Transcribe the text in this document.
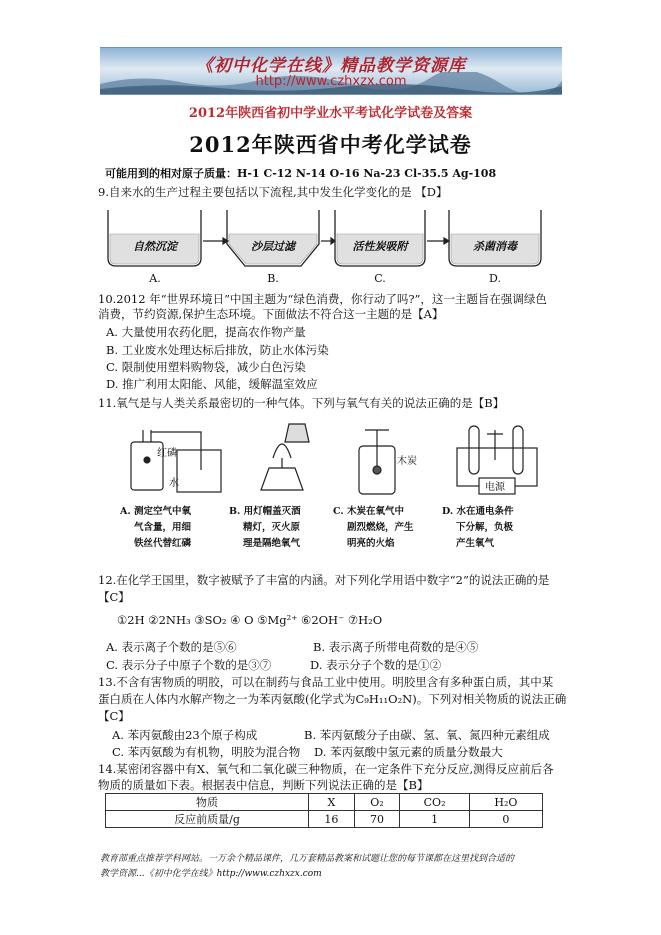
《初中化学在线》精品教学资源库
http://www.czhxzx.com
2012年陕西省初中学业水平考试化学试卷及答案
2012年陕西省中考化学试卷
可能用到的相对原子质量：H-1 C-12 N-14 O-16 Na-23 Cl-35.5 Ag-108
9.自来水的生产过程主要包括以下流程,其中发生化学变化的是 【D】
自然沉淀	沙层过滤	活性炭吸附	杀菌消毒
A.	B.	C.	D.
10.2012 年“世界环境日”中国主题为“绿色消费，你行动了吗?”，这一主题旨在强调绿色
消费，节约资源,保护生态环境。下面做法不符合这一主题的是【A】
A. 大量使用农药化肥，提高农作物产量
B. 工业废水处理达标后排放，防止水体污染
C. 限制使用塑料购物袋，减少白色污染
D. 推广利用太阳能、风能，缓解温室效应
11.氧气是与人类关系最密切的一种气体。下列与氧气有关的说法正确的是【B】
红磷
水
木炭
电源
A. 测定空气中氧
气含量，用细
铁丝代替红磷
B. 用灯帽盖灭酒
精灯，灭火原
理是隔绝氧气
C. 木炭在氧气中
剧烈燃烧，产生
明亮的火焰
D. 水在通电条件
下分解，负极
产生氧气
12.在化学王国里，数字被赋予了丰富的内涵。对下列化学用语中数字“2”的说法正确的是
【C】
①2H ②2NH₃ ③SO₂ ④ O ⑤Mg²⁺ ⑥2OH⁻ ⑦H₂O
A. 表示离子个数的是⑤⑥	B. 表示离子所带电荷数的是④⑤
C. 表示分子中原子个数的是③⑦	D. 表示分子个数的是①②
13.不含有害物质的明胶，可以在制药与食品工业中使用。明胶里含有多种蛋白质，其中某
蛋白质在人体内水解产物之一为苯丙氨酸(化学式为C₉H₁₁O₂N)。下列对相关物质的说法正确
【C】
A. 苯丙氨酸由23个原子构成	B. 苯丙氨酸分子由碳、氢、氧、氮四种元素组成
C. 苯丙氨酸为有机物，明胶为混合物 D. 苯丙氨酸中氢元素的质量分数最大
14.某密闭容器中有X、氧气和二氧化碳三种物质，在一定条件下充分反应,测得反应前后各
物质的质量如下表。根据表中信息，判断下列说法正确的是【B】
物质	X	O₂	CO₂	H₂O
反应前质量/g	16	70	1	0
教育部重点推荐学科网站。一万余个精品课件，几万套精品教案和试题让您的每节课都在这里找到合适的
教学资源...《初中化学在线》http://www.czhxzx.com
